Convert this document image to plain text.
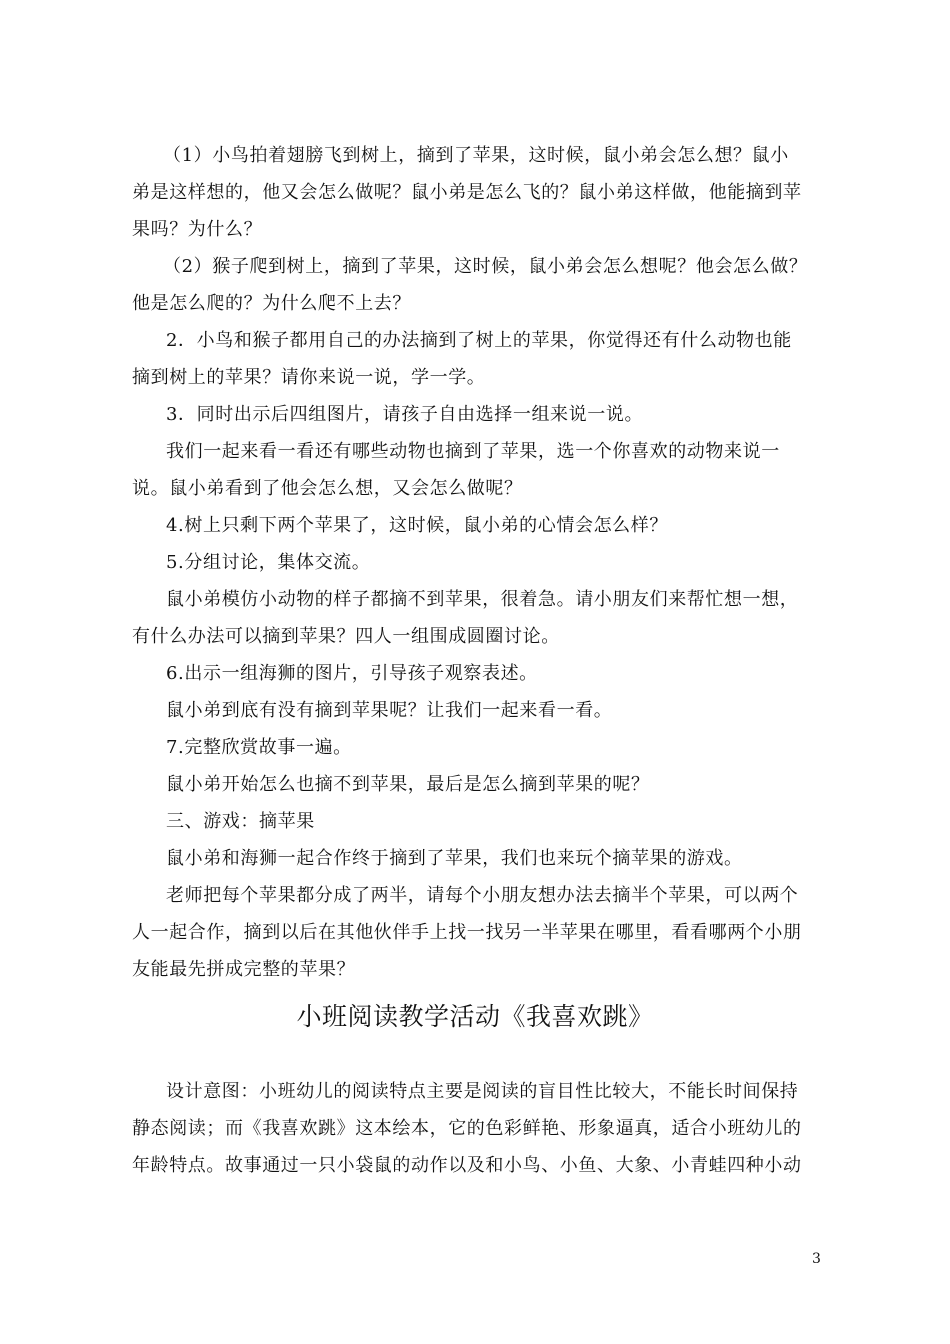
（1）小鸟拍着翅膀飞到树上，摘到了苹果，这时候，鼠小弟会怎么想？鼠小
弟是这样想的，他又会怎么做呢？鼠小弟是怎么飞的？鼠小弟这样做，他能摘到苹
果吗？为什么？
（2）猴子爬到树上，摘到了苹果，这时候，鼠小弟会怎么想呢？他会怎么做？
他是怎么爬的？为什么爬不上去？
2．小鸟和猴子都用自己的办法摘到了树上的苹果，你觉得还有什么动物也能
摘到树上的苹果？请你来说一说，学一学。
3．同时出示后四组图片，请孩子自由选择一组来说一说。
我们一起来看一看还有哪些动物也摘到了苹果，选一个你喜欢的动物来说一
说。鼠小弟看到了他会怎么想，又会怎么做呢？
4.树上只剩下两个苹果了，这时候，鼠小弟的心情会怎么样？
5.分组讨论，集体交流。
鼠小弟模仿小动物的样子都摘不到苹果，很着急。请小朋友们来帮忙想一想，
有什么办法可以摘到苹果？四人一组围成圆圈讨论。
6.出示一组海狮的图片，引导孩子观察表述。
鼠小弟到底有没有摘到苹果呢？让我们一起来看一看。
7.完整欣赏故事一遍。
鼠小弟开始怎么也摘不到苹果，最后是怎么摘到苹果的呢？
三、游戏：摘苹果
鼠小弟和海狮一起合作终于摘到了苹果，我们也来玩个摘苹果的游戏。
老师把每个苹果都分成了两半，请每个小朋友想办法去摘半个苹果，可以两个
人一起合作，摘到以后在其他伙伴手上找一找另一半苹果在哪里，看看哪两个小朋
友能最先拼成完整的苹果？
小班阅读教学活动《我喜欢跳》
设计意图：小班幼儿的阅读特点主要是阅读的盲目性比较大，不能长时间保持
静态阅读；而《我喜欢跳》这本绘本，它的色彩鲜艳、形象逼真，适合小班幼儿的
年龄特点。故事通过一只小袋鼠的动作以及和小鸟、小鱼、大象、小青蛙四种小动
3
